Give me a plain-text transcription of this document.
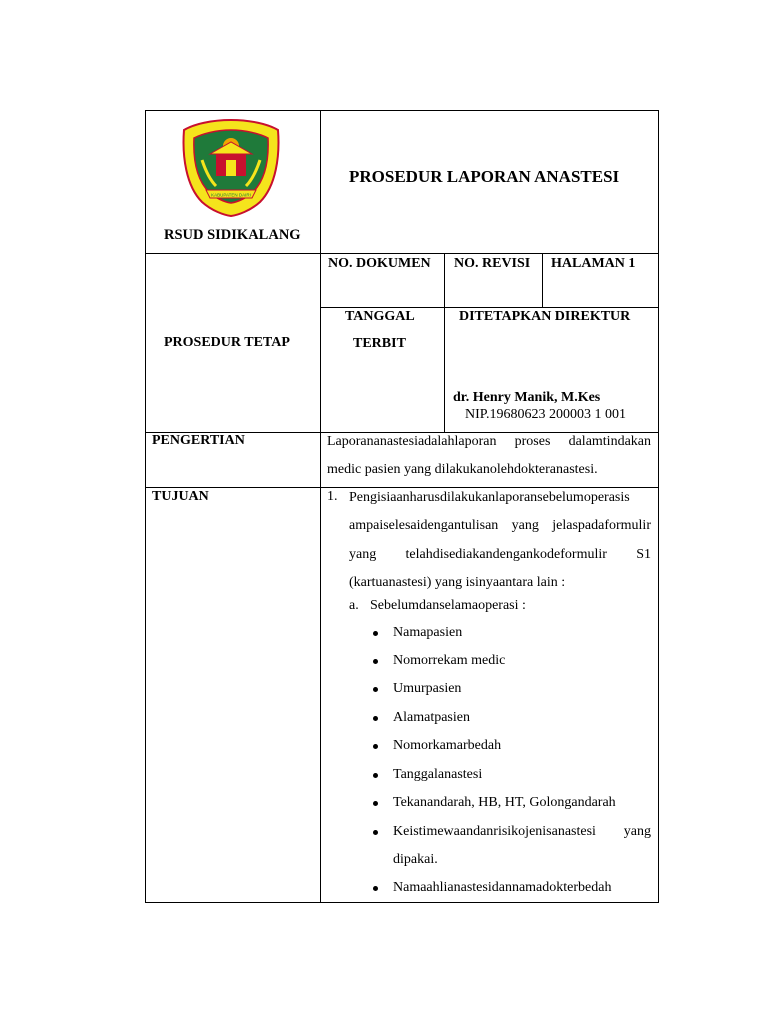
KABUPATEN DAIRI
RSUD SIDIKALANG
PROSEDUR LAPORAN ANASTESI
PROSEDUR TETAP
NO. DOKUMEN NO. REVISI HALAMAN 1
TANGGAL
TERBIT
DITETAPKAN DIREKTUR
dr. Henry Manik, M.Kes
NIP.19680623 200003 1 001
PENGERTIAN	Laporananastesiadalahlaporan proses dalamtindakan
medic pasien yang dilakukanolehdokteranastesi.
TUJUAN	1. Pengisiaanharusdilakukanlaporansebelumoperasis
ampaiselesaidengantulisan yang jelaspadaformulir
yang telahdisediakandengankodeformulir S1
(kartuanastesi) yang isinyaantara lain :
a. Sebelumdanselamaoperasi :
Namapasien
Nomorrekam medic
Umurpasien
Alamatpasien
Nomorkamarbedah
Tanggalanastesi
Tekanandarah, HB, HT, Golongandarah
Keistimewaandanrisikojenisanastesi yang
dipakai.
Namaahlianastesidannamadokterbedah
